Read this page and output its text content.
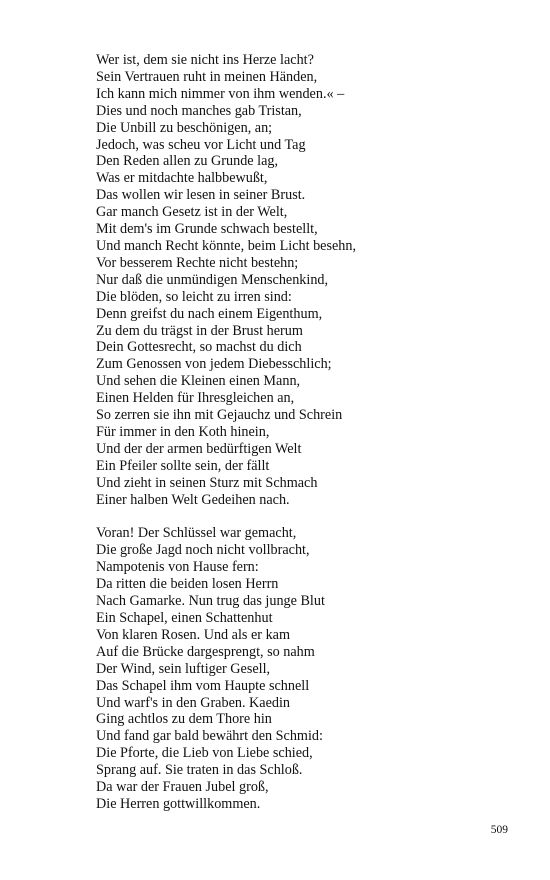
Wer ist, dem sie nicht ins Herze lacht?
Sein Vertrauen ruht in meinen Händen,
Ich kann mich nimmer von ihm wenden.« –
Dies und noch manches gab Tristan,
Die Unbill zu beschönigen, an;
Jedoch, was scheu vor Licht und Tag
Den Reden allen zu Grunde lag,
Was er mitdachte halbbewußt,
Das wollen wir lesen in seiner Brust.
Gar manch Gesetz ist in der Welt,
Mit dem's im Grunde schwach bestellt,
Und manch Recht könnte, beim Licht besehn,
Vor besserem Rechte nicht bestehn;
Nur daß die unmündigen Menschenkind,
Die blöden, so leicht zu irren sind:
Denn greifst du nach einem Eigenthum,
Zu dem du trägst in der Brust herum
Dein Gottesrecht, so machst du dich
Zum Genossen von jedem Diebesschlich;
Und sehen die Kleinen einen Mann,
Einen Helden für Ihresgleichen an,
So zerren sie ihn mit Gejauchz und Schrein
Für immer in den Koth hinein,
Und der der armen bedürftigen Welt
Ein Pfeiler sollte sein, der fällt
Und zieht in seinen Sturz mit Schmach
Einer halben Welt Gedeihen nach.
Voran! Der Schlüssel war gemacht,
Die große Jagd noch nicht vollbracht,
Nampotenis von Hause fern:
Da ritten die beiden losen Herrn
Nach Gamarke. Nun trug das junge Blut
Ein Schapel, einen Schattenhut
Von klaren Rosen. Und als er kam
Auf die Brücke dargesprengt, so nahm
Der Wind, sein luftiger Gesell,
Das Schapel ihm vom Haupte schnell
Und warf's in den Graben. Kaedin
Ging achtlos zu dem Thore hin
Und fand gar bald bewährt den Schmid:
Die Pforte, die Lieb von Liebe schied,
Sprang auf. Sie traten in das Schloß.
Da war der Frauen Jubel groß,
Die Herren gottwillkommen.
509
